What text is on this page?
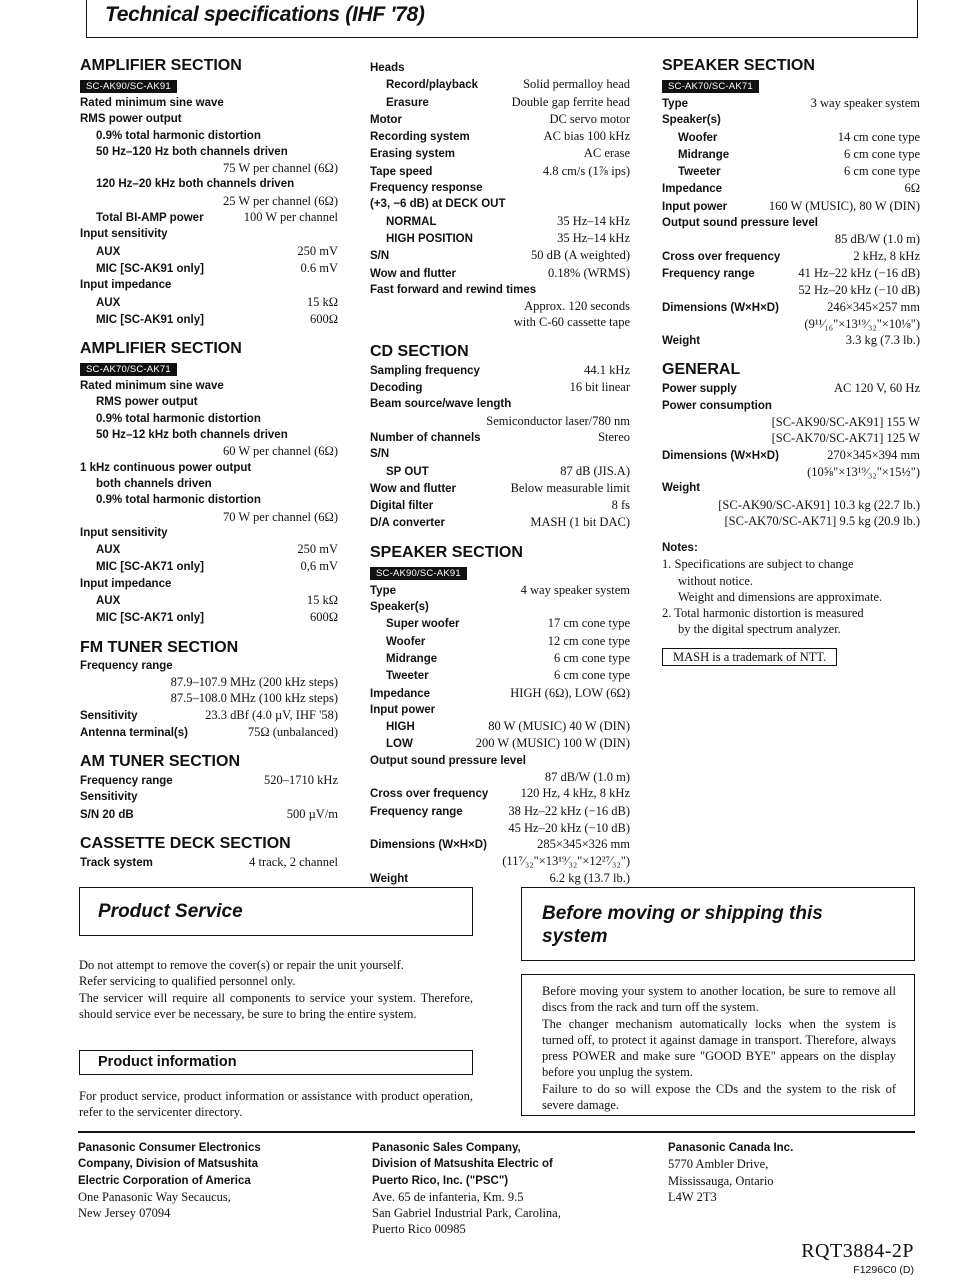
Technical specifications (IHF '78)
AMPLIFIER SECTION
SC-AK90/SC-AK91
Rated minimum sine wave
RMS power output
0.9% total harmonic distortion
50 Hz–120 Hz both channels driven
75 W per channel (6Ω)
120 Hz–20 kHz both channels driven
25 W per channel (6Ω)
Total BI-AMP power	100 W per channel
Input sensitivity
AUX	250 mV
MIC [SC-AK91 only]	0.6 mV
Input impedance
AUX	15 kΩ
MIC [SC-AK91 only]	600Ω
AMPLIFIER SECTION
SC-AK70/SC-AK71
Rated minimum sine wave
RMS power output
0.9% total harmonic distortion
50 Hz–12 kHz both channels driven
60 W per channel (6Ω)
1 kHz continuous power output
both channels driven
0.9% total harmonic distortion
70 W per channel (6Ω)
Input sensitivity
AUX	250 mV
MIC [SC-AK71 only]	0,6 mV
Input impedance
AUX	15 kΩ
MIC [SC-AK71 only]	600Ω
FM TUNER SECTION
Frequency range
87.9–107.9 MHz (200 kHz steps)
87.5–108.0 MHz (100 kHz steps)
Sensitivity	23.3 dBf (4.0 µV, IHF '58)
Antenna terminal(s)	75Ω (unbalanced)
AM TUNER SECTION
Frequency range	520–1710 kHz
Sensitivity
S/N 20 dB	500 µV/m
CASSETTE DECK SECTION
Track system	4 track, 2 channel
Heads
Record/playback	Solid permalloy head
Erasure	Double gap ferrite head
Motor	DC servo motor
Recording system	AC bias 100 kHz
Erasing system	AC erase
Tape speed	4.8 cm/s (1⅞ ips)
Frequency response
(+3, −6 dB) at DECK OUT
NORMAL	35 Hz–14 kHz
HIGH POSITION	35 Hz–14 kHz
S/N	50 dB (A weighted)
Wow and flutter	0.18% (WRMS)
Fast forward and rewind times
Approx. 120 seconds
with C-60 cassette tape
CD SECTION
Sampling frequency	44.1 kHz
Decoding	16 bit linear
Beam source/wave length
Semiconductor laser/780 nm
Number of channels	Stereo
S/N
SP OUT	87 dB (JIS.A)
Wow and flutter	Below measurable limit
Digital filter	8 fs
D/A converter	MASH (1 bit DAC)
SPEAKER SECTION
SC-AK90/SC-AK91
Type	4 way speaker system
Speaker(s)
Super woofer	17 cm cone type
Woofer	12 cm cone type
Midrange	6 cm cone type
Tweeter	6 cm cone type
Impedance	HIGH (6Ω), LOW (6Ω)
Input power
HIGH	80 W (MUSIC) 40 W (DIN)
LOW	200 W (MUSIC) 100 W (DIN)
Output sound pressure level
87 dB/W (1.0 m)
Cross over frequency	120 Hz, 4 kHz, 8 kHz
Frequency range	38 Hz–22 kHz (−16 dB)
45 Hz–20 kHz (−10 dB)
Dimensions (W×H×D)	285×345×326 mm
(11⁷⁄₃₂"×13¹⁹⁄₃₂"×12²⁷⁄₃₂")
Weight	6.2 kg (13.7 lb.)
SPEAKER SECTION
SC-AK70/SC-AK71
Type	3 way speaker system
Speaker(s)
Woofer	14 cm cone type
Midrange	6 cm cone type
Tweeter	6 cm cone type
Impedance	6Ω
Input power	160 W (MUSIC), 80 W (DIN)
Output sound pressure level
85 dB/W (1.0 m)
Cross over frequency	2 kHz, 8 kHz
Frequency range	41 Hz–22 kHz (−16 dB)
52 Hz–20 kHz (−10 dB)
Dimensions (W×H×D)	246×345×257 mm
(9¹¹⁄₁₆"×13¹⁹⁄₃₂"×10⅛")
Weight	3.3 kg (7.3 lb.)
GENERAL
Power supply	AC 120 V, 60 Hz
Power consumption
[SC-AK90/SC-AK91] 155 W
[SC-AK70/SC-AK71] 125 W
Dimensions (W×H×D)	270×345×394 mm
(10⅝"×13¹⁹⁄₃₂"×15½")
Weight
[SC-AK90/SC-AK91] 10.3 kg (22.7 lb.)
[SC-AK70/SC-AK71] 9.5 kg (20.9 lb.)
Notes:
1. Specifications are subject to change
without notice.
Weight and dimensions are approximate.
2. Total harmonic distortion is measured
by the digital spectrum analyzer.
MASH is a trademark of NTT.
Product Service
Do not attempt to remove the cover(s) or repair the unit yourself.
Refer servicing to qualified personnel only.
The servicer will require all components to service your system. Therefore, should service ever be necessary, be sure to bring the entire system.
Product information
For product service, product information or assistance with product operation, refer to the servicenter directory.
Before moving or shipping this system
Before moving your system to another location, be sure to remove all discs from the rack and turn off the system.
The changer mechanism automatically locks when the system is turned off, to protect it against damage in transport. Therefore, always press POWER and make sure "GOOD BYE" appears on the display before you unplug the system.
Failure to do so will expose the CDs and the system to the risk of severe damage.
Panasonic Consumer Electronics
Company, Division of Matsushita
Electric Corporation of America
One Panasonic Way Secaucus,
New Jersey 07094
Panasonic Sales Company,
Division of Matsushita Electric of
Puerto Rico, Inc. ("PSC")
Ave. 65 de infanteria, Km. 9.5
San Gabriel Industrial Park, Carolina,
Puerto Rico 00985
Panasonic Canada Inc.
5770 Ambler Drive,
Mississauga, Ontario
L4W 2T3
RQT3884-2P
F1296C0 (D)
